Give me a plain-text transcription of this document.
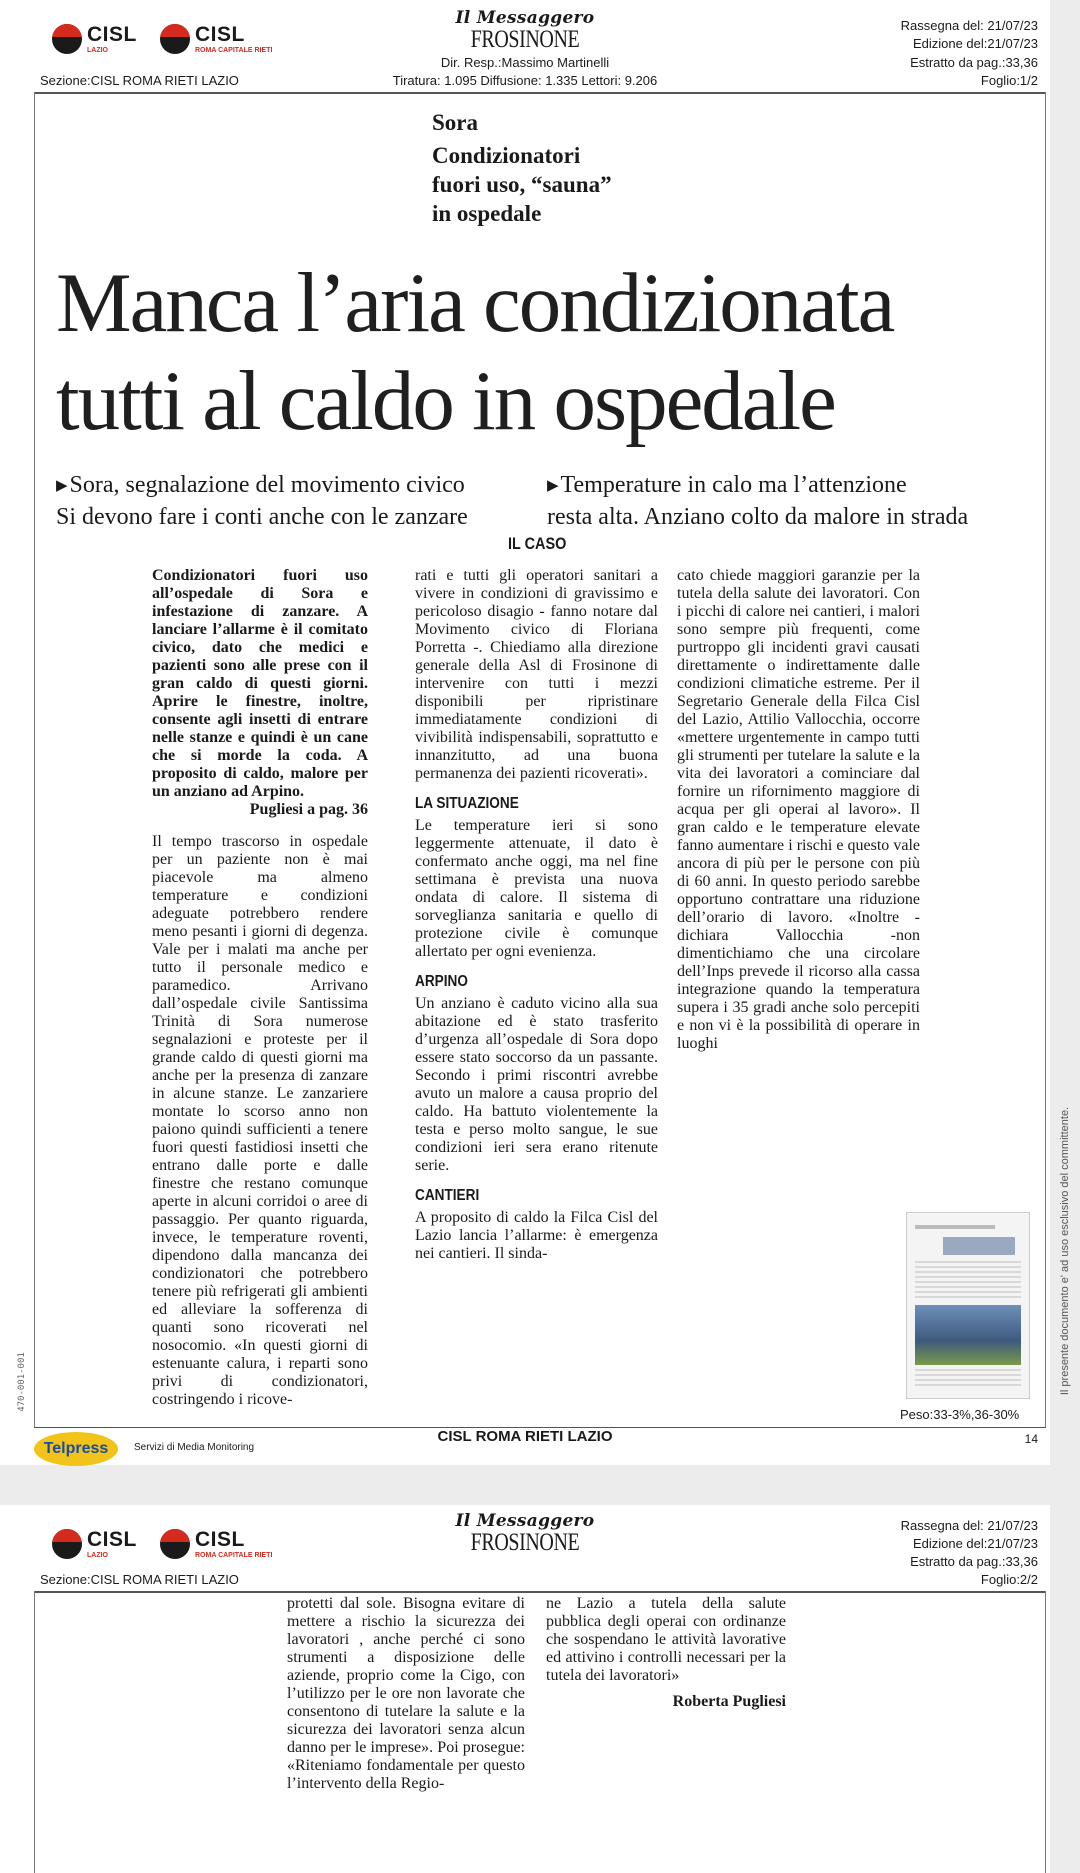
CISL
LAZIO
CISL
ROMA CAPITALE RIETI
Il Messaggero
FROSINONE
Dir. Resp.:Massimo Martinelli
Tiratura: 1.095 Diffusione: 1.335 Lettori: 9.206
Sezione:CISL ROMA RIETI LAZIO
Rassegna del: 21/07/23
Edizione del:21/07/23
Estratto da pag.:33,36
Foglio:1/2
Sora
Condizionatori
fuori uso, “sauna”
in ospedale
Manca l’aria condizionata
tutti al caldo in ospedale
▶Sora, segnalazione del movimento civico
Si devono fare i conti anche con le zanzare
▶Temperature in calo ma l’attenzione
resta alta. Anziano colto da malore in strada
IL CASO

Condizionatori fuori uso all’ospedale di Sora e infestazione di zanzare. A lanciare l’allarme è il comitato civico, dato che medici e pazienti sono alle prese con il gran caldo di questi giorni. Aprire le finestre, inoltre, consente agli insetti di entrare nelle stanze e quindi è un cane che si morde la coda. A proposito di caldo, malore per un anziano ad Arpino.

Pugliesi a pag. 36

Il tempo trascorso in ospedale per un paziente non è mai piacevole ma almeno temperature e condizioni adeguate potrebbero rendere meno pesanti i giorni di degenza. Vale per i malati ma anche per tutto il personale medico e paramedico. Arrivano dall’ospedale civile Santissima Trinità di Sora numerose segnalazioni e proteste per il grande caldo di questi giorni ma anche per la presenza di zanzare in alcune stanze. Le zanzariere montate lo scorso anno non paiono quindi sufficienti a tenere fuori questi fastidiosi insetti che entrano dalle porte e dalle finestre che restano comunque aperte in alcuni corridoi o aree di passaggio. Per quanto riguarda, invece, le temperature roventi, dipendono dalla mancanza dei condizionatori che potrebbero tenere più refrigerati gli ambienti ed alleviare la sofferenza di quanti sono ricoverati nel nosocomio. «In questi giorni di estenuante calura, i reparti sono privi di condizionatori, costringendo i ricove-

rati e tutti gli operatori sanitari a vivere in condizioni di gravissimo e pericoloso disagio - fanno notare dal Movimento civico di Floriana Porretta -. Chiediamo alla direzione generale della Asl di Frosinone di intervenire con tutti i mezzi disponibili per ripristinare immediatamente condizioni di vivibilità indispensabili, soprattutto e innanzitutto, ad una buona permanenza dei pazienti ricoverati».

LA SITUAZIONE

Le temperature ieri si sono leggermente attenuate, il dato è confermato anche oggi, ma nel fine settimana è prevista una nuova ondata di calore. Il sistema di sorveglianza sanitaria e quello di protezione civile è comunque allertato per ogni evenienza.

ARPINO

Un anziano è caduto vicino alla sua abitazione ed è stato trasferito d’urgenza all’ospedale di Sora dopo essere stato soccorso da un passante. Secondo i primi riscontri avrebbe avuto un malore a causa proprio del caldo. Ha battuto violentemente la testa e perso molto sangue, le sue condizioni ieri sera erano ritenute serie.

CANTIERI

A proposito di caldo la Filca Cisl del Lazio lancia l’allarme: è emergenza nei cantieri. Il sinda-

cato chiede maggiori garanzie per la tutela della salute dei lavoratori. Con i picchi di calore nei cantieri, i malori sono sempre più frequenti, come purtroppo gli incidenti gravi causati direttamente o indirettamente dalle condizioni climatiche estreme. Per il Segretario Generale della Filca Cisl del Lazio, Attilio Vallocchia, occorre «mettere urgentemente in campo tutti gli strumenti per tutelare la salute e la vita dei lavoratori a cominciare dal fornire un rifornimento maggiore di acqua per gli operai al lavoro». Il gran caldo e le temperature elevate fanno aumentare i rischi e questo vale ancora di più per le persone con più di 60 anni. In questo periodo sarebbe opportuno contrattare una riduzione dell’orario di lavoro. «Inoltre - dichiara Vallocchia -non dimentichiamo che una circolare dell’Inps prevede il ricorso alla cassa integrazione quando la temperatura supera i 35 gradi anche solo percepiti e non vi è la possibilità di operare in luoghi

Peso:33-3%,36-30%
Il presente documento e' ad uso esclusivo del committente.
470-001-001
Telpress	Servizi di Media Monitoring
CISL ROMA RIETI LAZIO	14
CISL
LAZIO
CISL
ROMA CAPITALE RIETI
Il Messaggero
FROSINONE
Sezione:CISL ROMA RIETI LAZIO
Rassegna del: 21/07/23
Edizione del:21/07/23
Estratto da pag.:33,36
Foglio:2/2

protetti dal sole. Bisogna evitare di mettere a rischio la sicurezza dei lavoratori , anche perché ci sono strumenti a disposizione delle aziende, proprio come la Cigo, con l’utilizzo per le ore non lavorate che consentono di tutelare la salute e la sicurezza dei lavoratori senza alcun danno per le imprese». Poi prosegue: «Riteniamo fondamentale per questo l’intervento della Regio-

ne Lazio a tutela della salute pubblica degli operai con ordinanze che sospendano le attività lavorative ed attivino i controlli necessari per la tutela dei lavoratori»

Roberta Pugliesi
